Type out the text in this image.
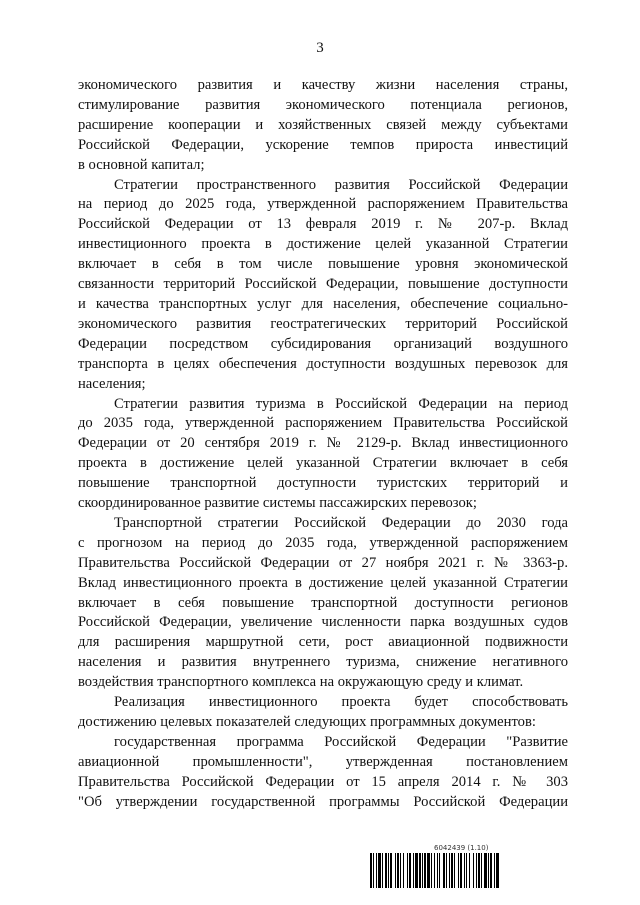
3
экономического развития и качеству жизни населения страны,
стимулирование развития экономического потенциала регионов,
расширение кооперации и хозяйственных связей между субъектами
Российской Федерации, ускорение темпов прироста инвестиций
в основной капитал;
Стратегии пространственного развития Российской Федерации
на период до 2025 года, утвержденной распоряжением Правительства
Российской Федерации от 13 февраля 2019 г. № 207-р. Вклад
инвестиционного проекта в достижение целей указанной Стратегии
включает в себя в том числе повышение уровня экономической
связанности территорий Российской Федерации, повышение доступности
и качества транспортных услуг для населения, обеспечение социально-
экономического развития геостратегических территорий Российской
Федерации посредством субсидирования организаций воздушного
транспорта в целях обеспечения доступности воздушных перевозок для
населения;
Стратегии развития туризма в Российской Федерации на период
до 2035 года, утвержденной распоряжением Правительства Российской
Федерации от 20 сентября 2019 г. № 2129-р. Вклад инвестиционного
проекта в достижение целей указанной Стратегии включает в себя
повышение транспортной доступности туристских территорий и
скоординированное развитие системы пассажирских перевозок;
Транспортной стратегии Российской Федерации до 2030 года
с прогнозом на период до 2035 года, утвержденной распоряжением
Правительства Российской Федерации от 27 ноября 2021 г. № 3363-р.
Вклад инвестиционного проекта в достижение целей указанной Стратегии
включает в себя повышение транспортной доступности регионов
Российской Федерации, увеличение численности парка воздушных судов
для расширения маршрутной сети, рост авиационной подвижности
населения и развития внутреннего туризма, снижение негативного
воздействия транспортного комплекса на окружающую среду и климат.
Реализация инвестиционного проекта будет способствовать
достижению целевых показателей следующих программных документов:
государственная программа Российской Федерации "Развитие
авиационной промышленности", утвержденная постановлением
Правительства Российской Федерации от 15 апреля 2014 г. № 303
"Об утверждении государственной программы Российской Федерации
6042439 (1.10)
